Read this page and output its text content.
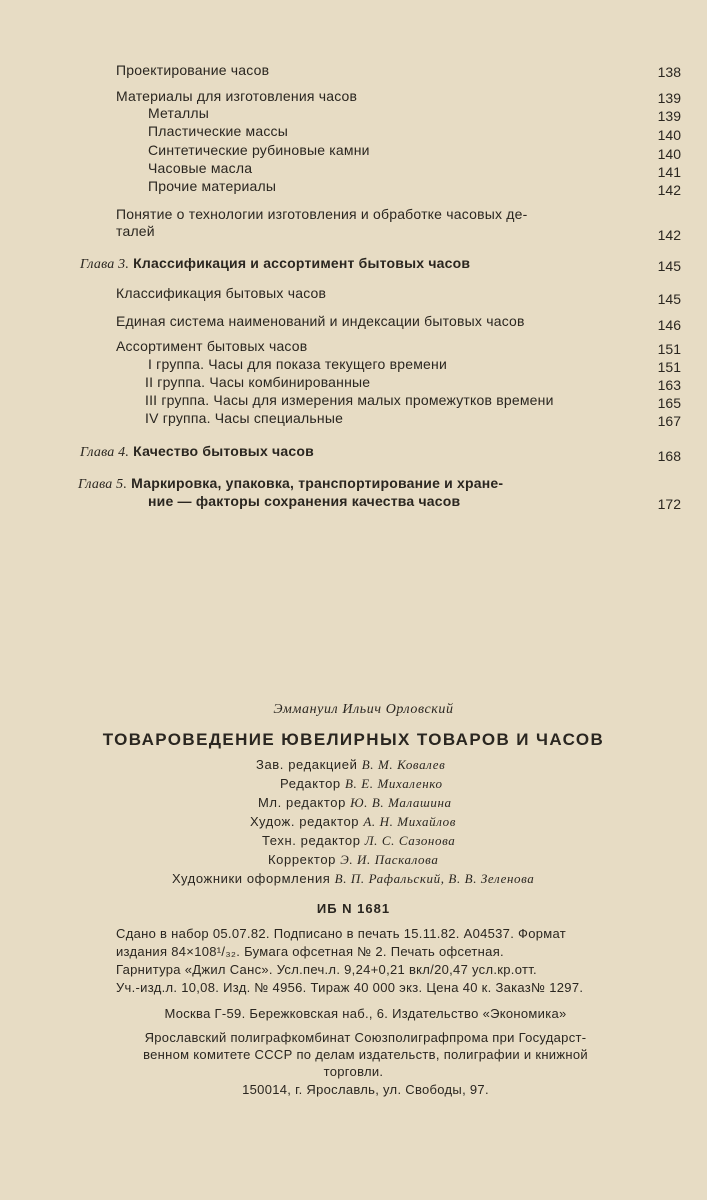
Проектирование часов	138
Материалы для изготовления часов	139
Металлы	139
Пластические массы	140
Синтетические рубиновые камни	140
Часовые масла	141
Прочие материалы	142
Понятие о технологии изготовления и обработке часовых де-
талей	142
Глава 3. Классификация и ассортимент бытовых часов	145
Классификация бытовых часов	145
Единая система наименований и индексации бытовых часов	146
Ассортимент бытовых часов	151
I группа. Часы для показа текущего времени	151
II группа. Часы комбинированные	163
III группа. Часы для измерения малых промежутков времени	165
IV группа. Часы специальные	167
Глава 4. Качество бытовых часов	168
Глава 5. Маркировка, упаковка, транспортирование и хране-
ние — факторы сохранения качества часов	172
Эммануил Ильич Орловский
ТОВАРОВЕДЕНИЕ ЮВЕЛИРНЫХ ТОВАРОВ И ЧАСОВ
Зав. редакцией В. М. Ковалев
Редактор В. Е. Михаленко
Мл. редактор Ю. В. Малашина
Худож. редактор А. Н. Михайлов
Техн. редактор Л. С. Сазонова
Корректор Э. И. Паскалова
Художники оформления В. П. Рафальский, В. В. Зеленова
ИБ N 1681
Сдано в набор 05.07.82. Подписано в печать 15.11.82. А04537. Формат
издания 84×108¹/₃₂. Бумага офсетная № 2. Печать офсетная.
Гарнитура «Джил Санс». Усл.печ.л. 9,24+0,21 вкл/20,47 усл.кр.отт.
Уч.-изд.л. 10,08. Изд. № 4956. Тираж 40 000 экз. Цена 40 к. Заказ№ 1297.
Москва Г-59. Бережковская наб., 6. Издательство «Экономика»
Ярославский полиграфкомбинат Союзполиграфпрома при Государст-
венном комитете СССР по делам издательств, полиграфии и книжной
торговли.
150014, г. Ярославль, ул. Свободы, 97.
